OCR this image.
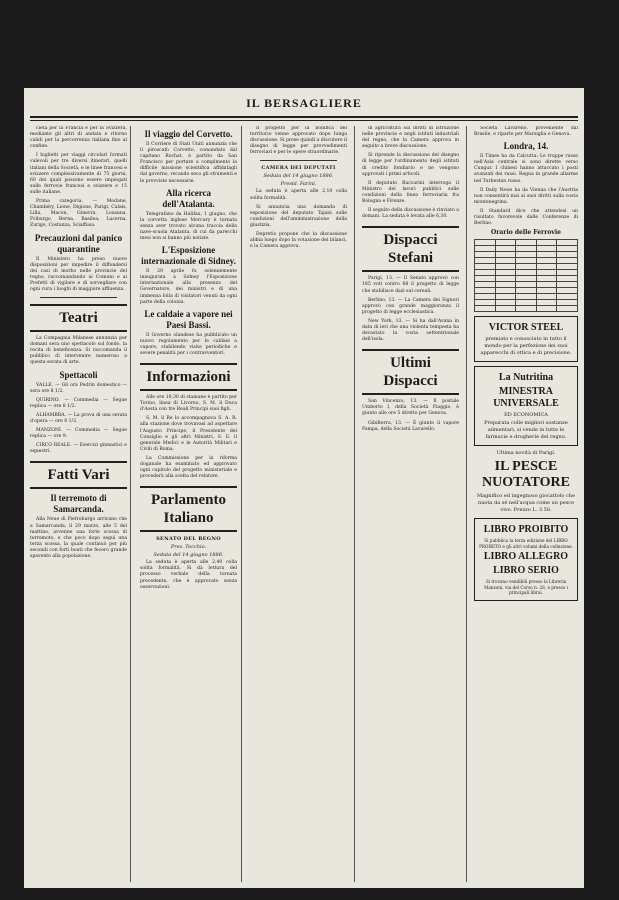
IL BERSAGLIERE

cietà per la Francia e per la Svizzera, mediante gli altri di andata e ritorno validi per la percorrenza italiana fino al confine.

I biglietti per viaggi circolari formati valevoli per tre diversi itinerari, quelli italiani della Società, e le linee francesi e svizzere complessivamente di 75 giorni, 60 dei quali possono essere impiegati sulle ferrovie francesi e svizzere e 15 sulle italiane.

Prima categoria. — Modane, Chambéry, Lione, Digione, Parigi, Calais, Lilla, Macon, Ginevra, Losanna, Friburgo, Berna, Basilea, Lucerna, Zurigo, Costanza, Sciaffusa.

Precauzioni dal panico quarantine

Il Ministero ha preso nuove disposizioni per impedire il diffondersi dei casi di morbo nelle provincie del regno, raccomandando ai Comuni e ai Prefetti di vigilare e di sorvegliare con ogni cura i luoghi di maggiore affluenza.

Teatri

La Compagnia Milanese annunzia per domani sera uno spettacolo sul fondo, la recita di beneficenza. Si raccomanda il pubblico di intervenire numeroso a questa serata di arte.

Spettacoli

VALLE. — Gli ora Pedrin domestico — sera ore 8 1/2.

QUIRINO. — Commedia — Segue replica — ore 8 1/2.

ALHAMBRA. — La prova di una serata d'opera — ore 8 1/2.

MANZONI. — Commedia — Segue replica — ore 9.

CIRCO REALE. — Esercizi ginnastici e equestri.

Fatti Vari
Il terremoto di Samarcanda.

Alla Neue di Pietroburgo arrivano che a Samarcanda, il 29 marzo, alle 5 del mattino, avvenne una forte scossa di terremoto, e che poco dopo seguì una terza scossa, la quale continuò per più secondi con forti boati che fecero grande spavento alla popolazione.

Il viaggio del Corvetto.

Il Corriere di Stati Uniti annunzia che il piroscafo Corvetto, comandato dal capitano Rochat, è partito da San Francisco per portare a compimento la difficile missione scientifica affidatagli dal governo, recando seco gli strumenti e le provviste necessarie.

Alla ricerca dell'Atalanta.

Telegrafano da Halifax, 1 giugno, che la corvetta inglese Mercury è tornata senza aver trovato alcuna traccia della nave-scuola Atalanta, di cui da parecchi mesi non si hanno più notizie.

L'Esposizione internazionale di Sidney.

Il 29 aprile fu solennemente inaugurata a Sidney l'Esposizione internazionale alla presenza del Governatore, dei ministri e di una immensa folla di visitatori venuti da ogni parte della colonia.

Le caldaie a vapore nei Paesi Bassi.

Il Governo olandese ha pubblicato un nuovo regolamento per le caldaie a vapore, stabilendo visite periodiche e severe penalità per i contravventori.

Informazioni

Alle ore 10,30 di stamane è partito per Torino, linea di Livorno, S. M. il Duca d'Aosta con tre Reali Principi suoi figli.

S. M. il Re lo accompagnava S. A. R. alla stazione dove trovavasi ad aspettare l'Augusto Principe, il Presidente del Consiglio e gli altri Ministri, S. E. il generale Medici e le Autorità Militari e Civili di Roma.

La Commissione per la riforma doganale ha esaminato ed approvato ogni capitolo del progetto ministeriale e procederà alla scelta del relatore.

Parlamento Italiano
SENATO DEL REGNO
Pres. Tecchio.
Seduta del 14 giugno 1886.

La seduta è aperta alle 2,40 colla solita formalità. Si dà lettura del processo verbale della tornata precedente, che è approvato senza osservazioni.

Il progetto per la bonifica del territorio venne approvato dopo lunga discussione. Si prese quindi a discutere il disegno di legge per provvedimenti ferroviari e per le opere straordinarie.

CAMERA DEI DEPUTATI
Seduta del 14 giugno 1886.
Presid. Farini.

La seduta è aperta alle 2,10 colla solita formalità.

Si annuncia una domanda di esposizione del deputato Tajani sulle condizioni dell'amministrazione della giustizia.

Depretis propone che la discussione abbia luogo dopo la votazione dei bilanci, e la Camera approva.

di agricoltura sui diritti di istruzione nelle provincie e negli istituti industriali del regno, che la Camera approva in seguito a breve discussione.

Si riprende la discussione del disegno di legge per l'ordinamento degli istituti di credito fondiario e ne vengono approvati i primi articoli.

Il deputato Baccarini interroga il Ministro dei lavori pubblici sulle condizioni della linea ferroviaria fra Bologna e Firenze.

Il seguito della discussione è rinviato a domani. La seduta è levata alle 6,30.

Dispacci Stefani

Parigi, 13. — Il Senato approvò con 185 voti contro 68 il progetto di legge che stabilisce dazi sui cereali.

Berlino, 13. — La Camera dei Signori approvò con grande maggioranza il progetto di legge ecclesiastica.

New York, 13. — Si ha dall'Avana in data di ieri che una violenta tempesta ha devastato la costa settentrionale dell'isola.

Ultimi Dispacci

San Vincenzo, 13. — Il postale Umberto I, della Società Piaggio, è giunto alle ore 5 diretto per Genova.

Gibilterra, 13. — È giunto il vapore Pampa, della Società Lavarello.

Società Lavarello, proveniente dal Brasile, e riparte per Marsiglia e Genova.

Londra, 14.

Il Times ha da Calcutta: Le truppe russe nell'Asia centrale si sono dirette verso Cungur. I chinesi hanno attaccato i posti avanzati dei russi. Regna in grande allarme nel Turkestan russo.

Il Daily News ha da Vienna che l'Austria non consentirà mai ai suoi diritti sulla costa montenegrina.

Il Standard dice che attendesi un risultato favorevole dalle Conferenze di Berlino.

Orario delle Ferrovie

VICTOR STEEL
premiato e conosciuto in tutto il mondo per la perfezione dei suoi apparecchi di ottica e di precisione.
La Nutritina
MINESTRA UNIVERSALE
ED ECONOMICA
Preparata colle migliori sostanze alimentari, si vende in tutte le farmacie e drogherie del regno.
Ultima novità di Parigi.
IL PESCE NUOTATORE
Magnifico ed ingegnoso giocattolo che nuota da sé nell'acqua come un pesce vivo. Prezzo L. 3.50.
LIBRO PROIBITO
Si pubblica la terza edizione del LIBRO PROIBITO e gli altri volumi della collezione.
LIBRO ALLEGRO
LIBRO SERIO
Si trovano vendibili presso la Libreria Manzoni, via del Corso n. 28, e presso i principali librai.
